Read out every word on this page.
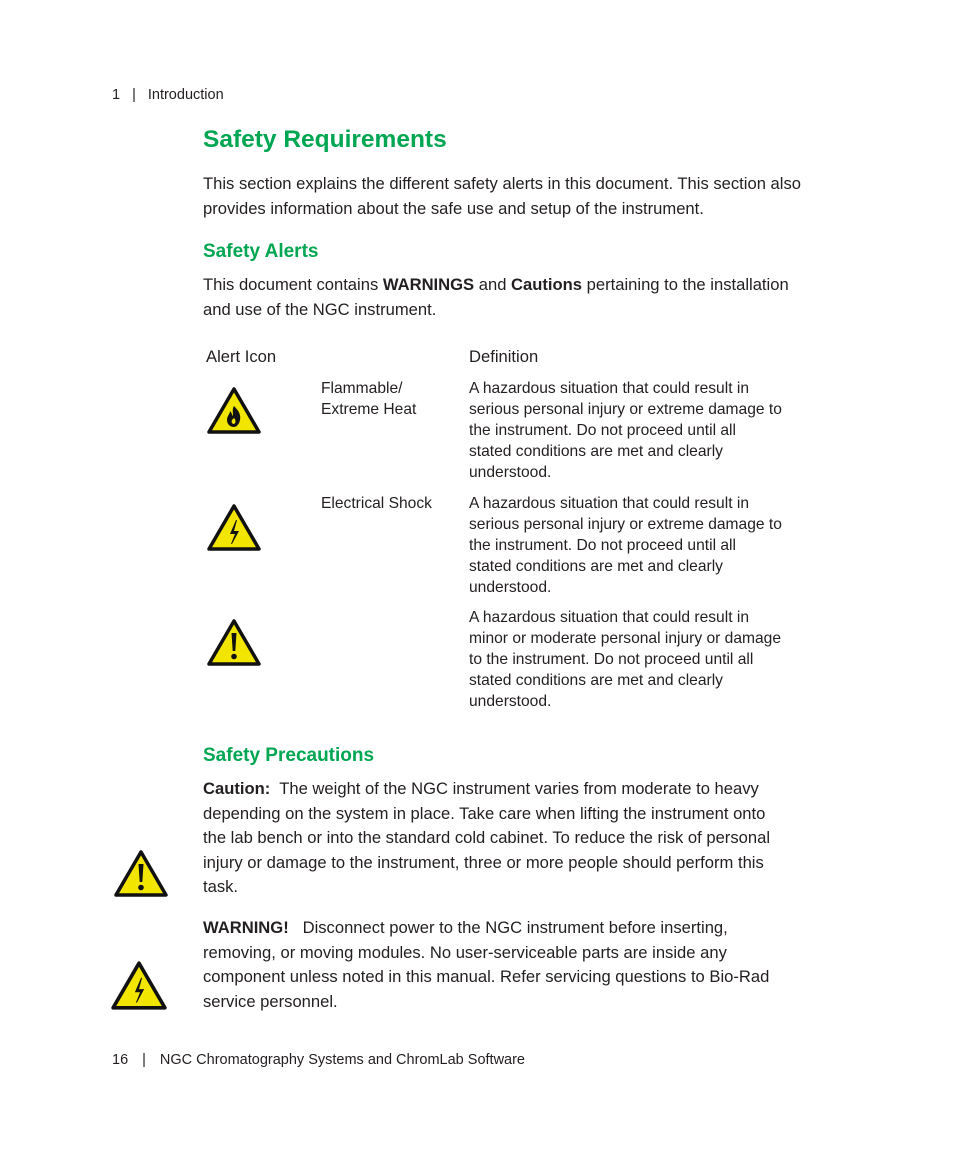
1 | Introduction
Safety Requirements

This section explains the different safety alerts in this document. This section also
provides information about the safe use and setup of the instrument.

Safety Alerts

This document contains WARNINGS and Cautions pertaining to the installation
and use of the NGC instrument.

Alert Icon	Definition
Flammable/
Extreme Heat
A hazardous situation that could result in
serious personal injury or extreme damage to
the instrument. Do not proceed until all
stated conditions are met and clearly
understood.
Electrical Shock A hazardous situation that could result in
serious personal injury or extreme damage to
the instrument. Do not proceed until all
stated conditions are met and clearly
understood.
A hazardous situation that could result in
minor or moderate personal injury or damage
to the instrument. Do not proceed until all
stated conditions are met and clearly
understood.
Safety Precautions

Caution:  The weight of the NGC instrument varies from moderate to heavy
depending on the system in place. Take care when lifting the instrument onto
the lab bench or into the standard cold cabinet. To reduce the risk of personal
injury or damage to the instrument, three or more people should perform this
task.

WARNING!   Disconnect power to the NGC instrument before inserting,
removing, or moving modules. No user-serviceable parts are inside any
component unless noted in this manual. Refer servicing questions to Bio-Rad
service personnel.

16 | NGC Chromatography Systems and ChromLab Software
